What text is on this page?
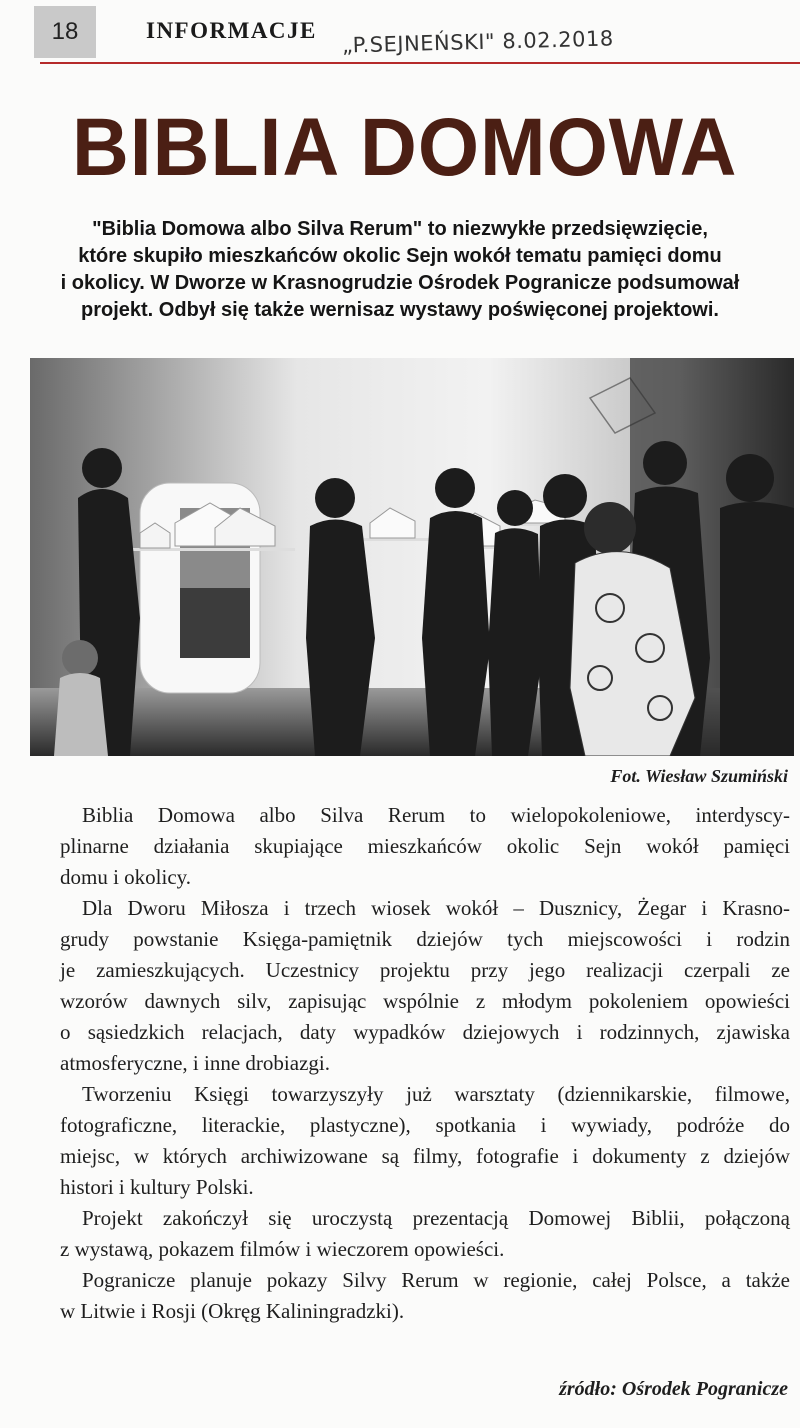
18	INFORMACJE „P.SEJNEŃSKI" 8.02.2018
BIBLIA DOMOWA
"Biblia Domowa albo Silva Rerum" to niezwykłe przedsięwzięcie,
które skupiło mieszkańców okolic Sejn wokół tematu pamięci domu
i okolicy. W Dworze w Krasnogrudzie Ośrodek Pogranicze podsumował
projekt. Odbył się także wernisaz wystawy poświęconej projektowi.
Fot. Wiesław Szumiński

Biblia Domowa albo Silva Rerum to wielopokoleniowe, interdyscy-
plinarne działania skupiające mieszkańców okolic Sejn wokół pamięci
domu i okolicy.

Dla Dworu Miłosza i trzech wiosek wokół – Dusznicy, Żegar i Krasno-
grudy powstanie Księga-pamiętnik dziejów tych miejscowości i rodzin
je zamieszkujących. Uczestnicy projektu przy jego realizacji czerpali ze
wzorów dawnych silv, zapisując wspólnie z młodym pokoleniem opowieści
o sąsiedzkich relacjach, daty wypadków dziejowych i rodzinnych, zjawiska
atmosferyczne, i inne drobiazgi.

Tworzeniu Księgi towarzyszyły już warsztaty (dziennikarskie, filmowe,
fotograficzne, literackie, plastyczne), spotkania i wywiady, podróże do
miejsc, w których archiwizowane są filmy, fotografie i dokumenty z dziejów
histori i kultury Polski.

Projekt zakończył się uroczystą prezentacją Domowej Biblii, połączoną
z wystawą, pokazem filmów i wieczorem opowieści.

Pogranicze planuje pokazy Silvy Rerum w regionie, całej Polsce, a także
w Litwie i Rosji (Okręg Kaliningradzki).

źródło: Ośrodek Pogranicze
